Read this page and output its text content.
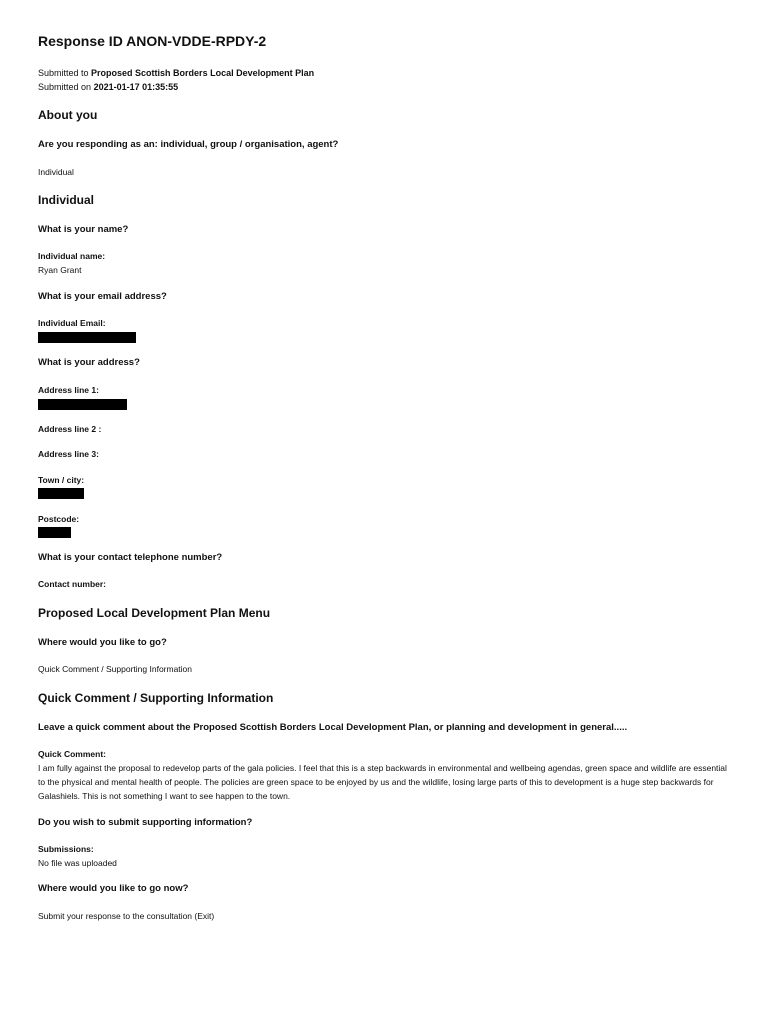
Response ID ANON-VDDE-RPDY-2
Submitted to Proposed Scottish Borders Local Development Plan
Submitted on 2021-01-17 01:35:55
About you
Are you responding as an: individual, group / organisation, agent?
Individual
Individual
What is your name?
Individual name:
Ryan Grant
What is your email address?
Individual Email:
What is your address?
Address line 1:
Address line 2 :
Address line 3:
Town / city:
Postcode:
What is your contact telephone number?
Contact number:
Proposed Local Development Plan Menu
Where would you like to go?
Quick Comment / Supporting Information
Quick Comment / Supporting Information
Leave a quick comment about the Proposed Scottish Borders Local Development Plan, or planning and development in general.....
Quick Comment:
I am fully against the proposal to redevelop parts of the gala policies. I feel that this is a step backwards in environmental and wellbeing agendas, green space and wildlife are essential to the physical and mental health of people. The policies are green space to be enjoyed by us and the wildlife, losing large parts of this to development is a huge step backwards for Galashiels. This is not something I want to see happen to the town.
Do you wish to submit supporting information?
Submissions:
No file was uploaded
Where would you like to go now?
Submit your response to the consultation (Exit)
